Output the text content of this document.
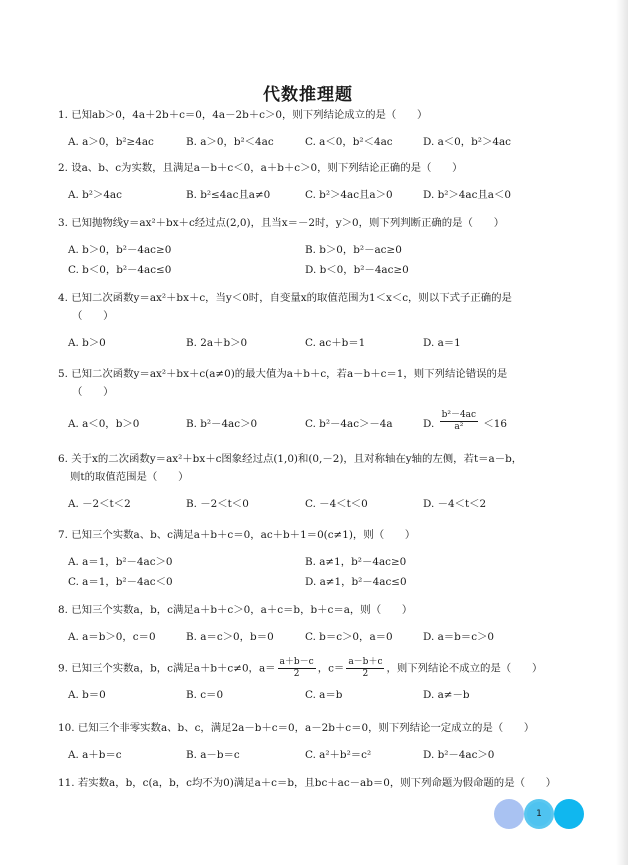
代数推理题

1. 已知ab＞0，4a＋2b＋c＝0，4a－2b＋c＞0，则下列结论成立的是（　　）

A. a＞0，b²≥4ac	B. a＞0，b²＜4ac	C. a＜0，b²＜4ac	D. a＜0，b²＞4ac

2. 设a、b、c为实数，且满足a－b＋c＜0，a＋b＋c＞0，则下列结论正确的是（　　）

A. b²＞4ac	B. b²≤4ac且a≠0	C. b²＞4ac且a＞0	D. b²＞4ac且a＜0

3. 已知抛物线y＝ax²＋bx＋c经过点(2,0)，且当x＝－2时，y＞0，则下列判断正确的是（　　）

A. b＞0，b²－4ac≥0	B. b＞0，b²－ac≥0
C. b＜0，b²－4ac≤0	D. b＜0，b²－4ac≥0

4. 已知二次函数y＝ax²＋bx＋c，当y＜0时，自变量x的取值范围为1＜x＜c，则以下式子正确的是

（　　）
A. b＞0	B. 2a＋b＞0	C. ac＋b＝1	D. a＝1

5. 已知二次函数y＝ax²＋bx＋c(a≠0)的最大值为a＋b＋c，若a－b＋c＝1，则下列结论错误的是

（　　）
A. a＜0，b＞0	B. b²－4ac＞0	C. b²－4ac＞－4a	D. $\frac{\text{b²－4ac}}{\text{a²}} <16$

6. 关于x的二次函数y＝ax²＋bx＋c图象经过点(1,0)和(0,－2)，且对称轴在y轴的左侧，若t＝a－b，

则t的取值范围是（　　）

A. －2＜t＜2	B. －2＜t＜0	C. －4＜t＜0	D. －4＜t＜2

7. 已知三个实数a、b、c满足a＋b＋c＝0，ac＋b＋1＝0(c≠1)，则（　　）

A. a＝1，b²－4ac＞0	B. a≠1，b²－4ac≥0
C. a＝1，b²－4ac＜0	D. a≠1，b²－4ac≤0

8. 已知三个实数a，b，c满足a＋b＋c＞0，a＋c＝b，b＋c＝a，则（　　）

A. a＝b＞0，c＝0	B. a＝c＞0，b＝0	C. b＝c＞0，a＝0	D. a＝b＝c＞0

9. 已知三个实数a，b，c满足a＋b＋c≠0，$a= \frac{a+b-c}{2}$ ，$c= \frac{a-b+c}{2}$ ，则下列结论不成立的是（　　）

A. b＝0	B. c＝0	C. a＝b	D. a≠－b

10. 已知三个非零实数a、b、c，满足2a－b＋c＝0，a－2b＋c＝0，则下列结论一定成立的是（　　）

A. a＋b＝c	B. a－b＝c	C. a²＋b²＝c²	D. b²－4ac＞0

11. 若实数a，b，c(a，b，c均不为0)满足a＋c＝b，且bc＋ac－ab＝0，则下列命题为假命题的是（　　）

1
